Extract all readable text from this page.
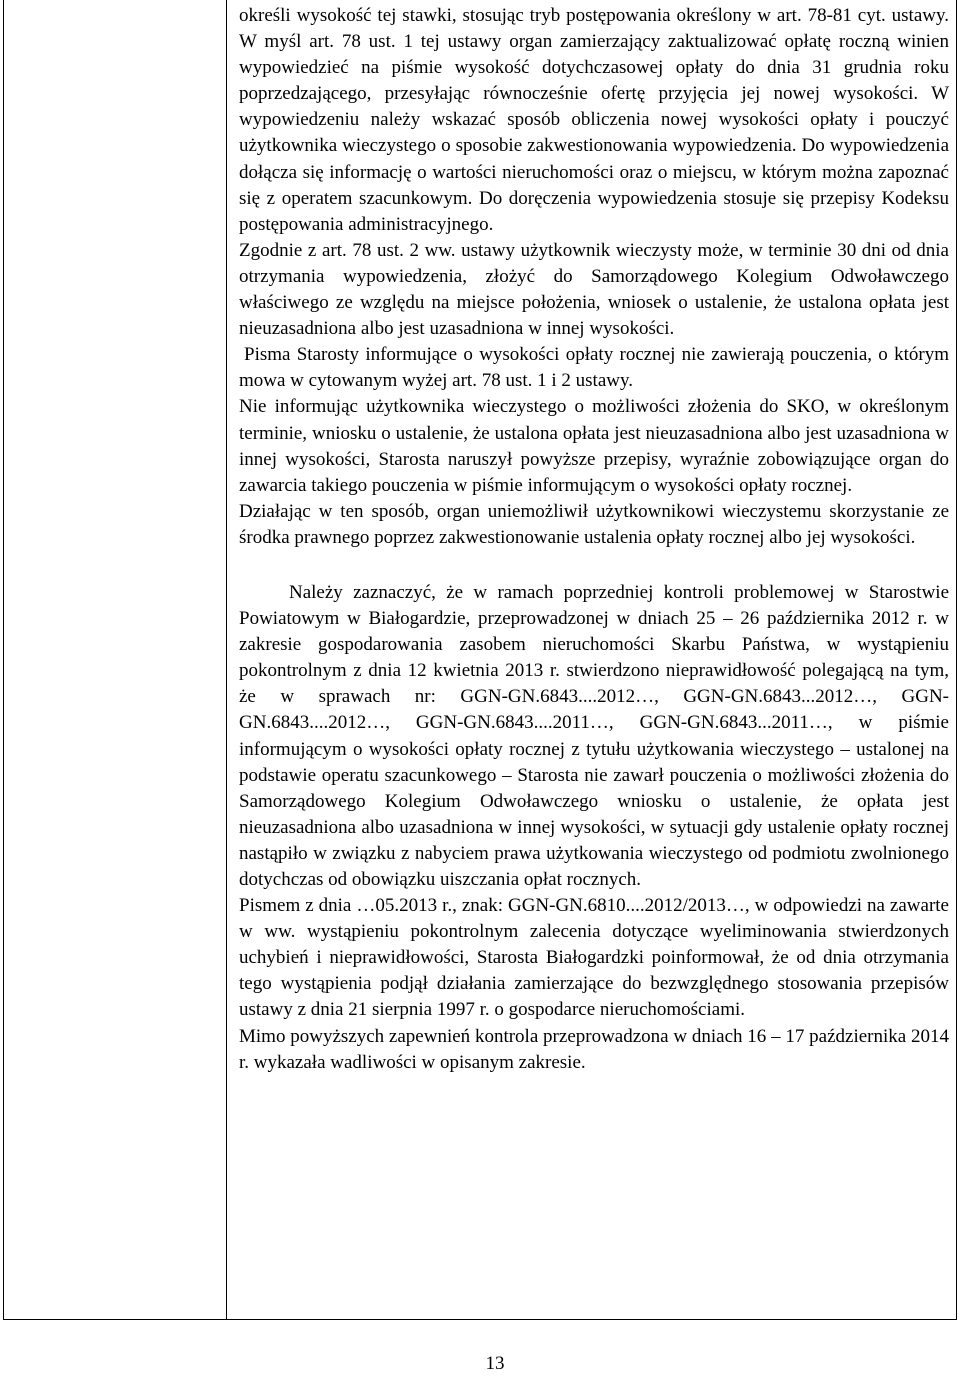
określi wysokość tej stawki, stosując tryb postępowania określony w art. 78-81 cyt. ustawy. W myśl art. 78 ust. 1 tej ustawy organ zamierzający zaktualizować opłatę roczną winien wypowiedzieć na piśmie wysokość dotychczasowej opłaty do dnia 31 grudnia roku poprzedzającego, przesyłając równocześnie ofertę przyjęcia jej nowej wysokości. W wypowiedzeniu należy wskazać sposób obliczenia nowej wysokości opłaty i pouczyć użytkownika wieczystego o sposobie zakwestionowania wypowiedzenia. Do wypowiedzenia dołącza się informację o wartości nieruchomości oraz o miejscu, w którym można zapoznać się z operatem szacunkowym. Do doręczenia wypowiedzenia stosuje się przepisy Kodeksu postępowania administracyjnego.

Zgodnie z art. 78 ust. 2 ww. ustawy użytkownik wieczysty może, w terminie 30 dni od dnia otrzymania wypowiedzenia, złożyć do Samorządowego Kolegium Odwoławczego właściwego ze względu na miejsce położenia, wniosek o ustalenie, że ustalona opłata jest nieuzasadniona albo jest uzasadniona w innej wysokości.

Pisma Starosty informujące o wysokości opłaty rocznej nie zawierają pouczenia, o którym mowa w cytowanym wyżej art. 78 ust. 1 i 2 ustawy.

Nie informując użytkownika wieczystego o możliwości złożenia do SKO, w określonym terminie, wniosku o ustalenie, że ustalona opłata jest nieuzasadniona albo jest uzasadniona w innej wysokości, Starosta naruszył powyższe przepisy, wyraźnie zobowiązujące organ do zawarcia takiego pouczenia w piśmie informującym o wysokości opłaty rocznej.

Działając w ten sposób, organ uniemożliwił użytkownikowi wieczystemu skorzystanie ze środka prawnego poprzez zakwestionowanie ustalenia opłaty rocznej albo jej wysokości.

Należy zaznaczyć, że w ramach poprzedniej kontroli problemowej w Starostwie Powiatowym w Białogardzie, przeprowadzonej w dniach 25 – 26 października 2012 r. w zakresie gospodarowania zasobem nieruchomości Skarbu Państwa, w wystąpieniu pokontrolnym z dnia 12 kwietnia 2013 r. stwierdzono nieprawidłowość polegającą na tym, że w sprawach nr: GGN-GN.6843....2012…, GGN-GN.6843...2012…, GGN-GN.6843....2012…, GGN-GN.6843....2011…, GGN-GN.6843...2011…, w piśmie informującym o wysokości opłaty rocznej z tytułu użytkowania wieczystego – ustalonej na podstawie operatu szacunkowego – Starosta nie zawarł pouczenia o możliwości złożenia do Samorządowego Kolegium Odwoławczego wniosku o ustalenie, że opłata jest nieuzasadniona albo uzasadniona w innej wysokości, w sytuacji gdy ustalenie opłaty rocznej nastąpiło w związku z nabyciem prawa użytkowania wieczystego od podmiotu zwolnionego dotychczas od obowiązku uiszczania opłat rocznych.

Pismem z dnia …05.2013 r., znak: GGN-GN.6810....2012/2013…, w odpowiedzi na zawarte w ww. wystąpieniu pokontrolnym zalecenia dotyczące wyeliminowania stwierdzonych uchybień i nieprawidłowości, Starosta Białogardzki poinformował, że od dnia otrzymania tego wystąpienia podjął działania zamierzające do bezwzględnego stosowania przepisów ustawy z dnia 21 sierpnia 1997 r. o gospodarce nieruchomościami.

Mimo powyższych zapewnień kontrola przeprowadzona w dniach 16 – 17 października 2014 r. wykazała wadliwości w opisanym zakresie.

13
